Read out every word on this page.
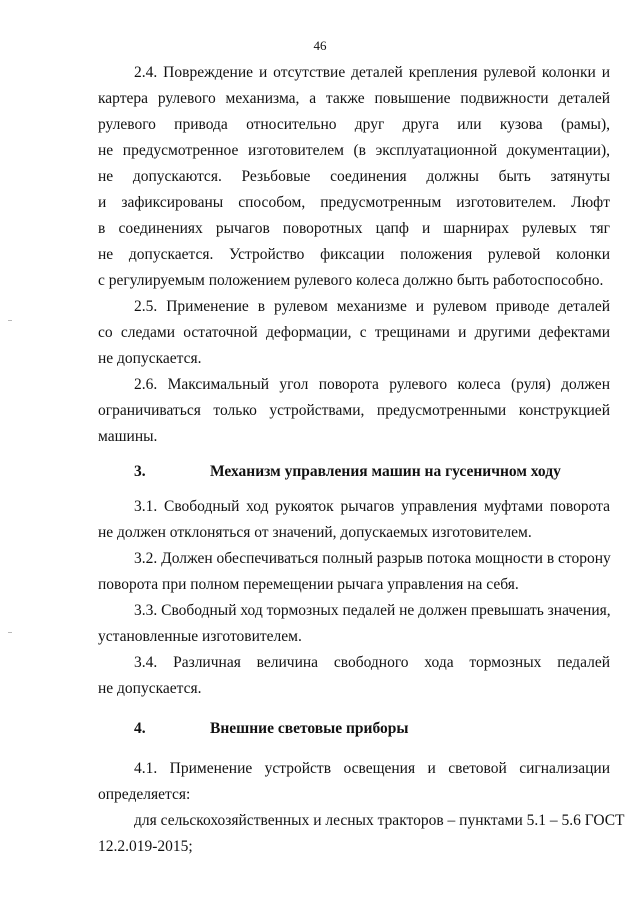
46
2.4. Повреждение и отсутствие деталей крепления рулевой колонки и
картера рулевого механизма, а также повышение подвижности деталей
рулевого привода относительно друг друга или кузова (рамы),
не предусмотренное изготовителем (в эксплуатационной документации),
не допускаются. Резьбовые соединения должны быть затянуты
и зафиксированы способом, предусмотренным изготовителем. Люфт
в соединениях рычагов поворотных цапф и шарнирах рулевых тяг
не допускается. Устройство фиксации положения рулевой колонки
с регулируемым положением рулевого колеса должно быть работоспособно.
2.5. Применение в рулевом механизме и рулевом приводе деталей
со следами остаточной деформации, с трещинами и другими дефектами
не допускается.
2.6. Максимальный угол поворота рулевого колеса (руля) должен
ограничиваться только устройствами, предусмотренными конструкцией
машины.
3.	Механизм управления машин на гусеничном ходу
3.1. Свободный ход рукояток рычагов управления муфтами поворота
не должен отклоняться от значений, допускаемых изготовителем.
3.2. Должен обеспечиваться полный разрыв потока мощности в сторону
поворота при полном перемещении рычага управления на себя.
3.3. Свободный ход тормозных педалей не должен превышать значения,
установленные изготовителем.
3.4. Различная величина свободного хода тормозных педалей
не допускается.
4.	Внешние световые приборы
4.1. Применение устройств освещения и световой сигнализации
определяется:
для сельскохозяйственных и лесных тракторов – пунктами 5.1 – 5.6 ГОСТ
12.2.019-2015;
